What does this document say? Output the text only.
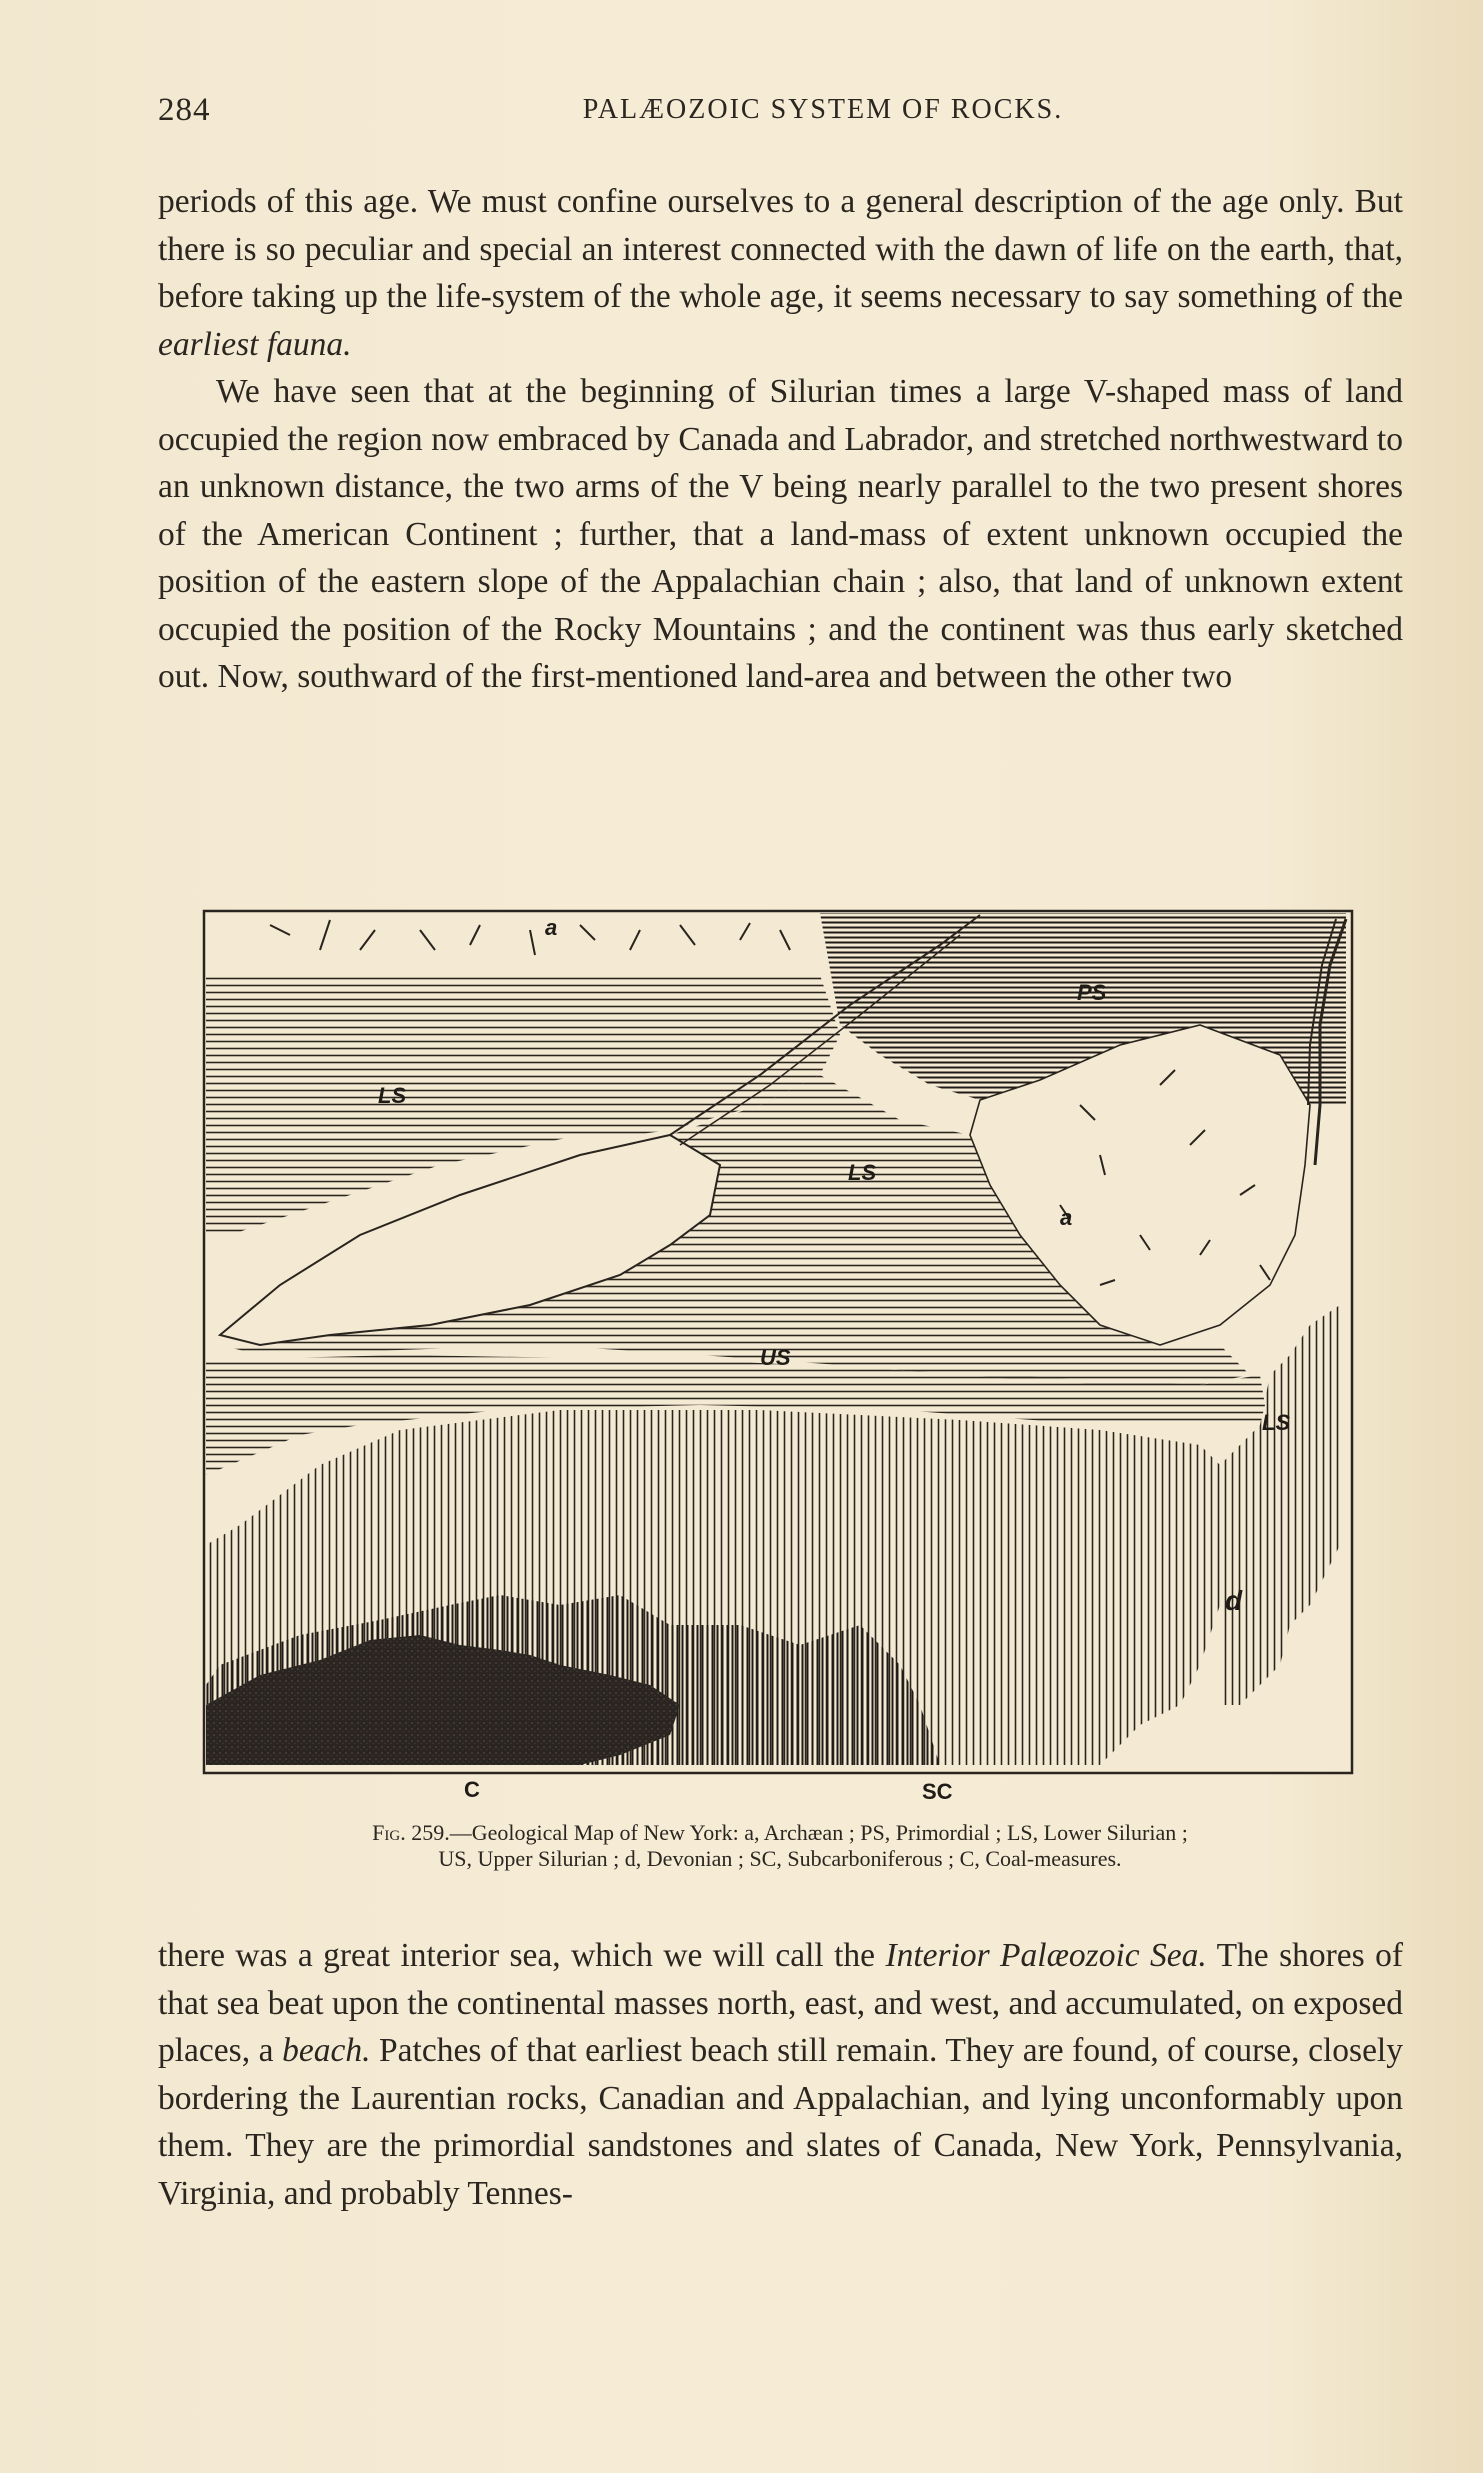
284	PALÆOZOIC SYSTEM OF ROCKS.

periods of this age. We must confine ourselves to a general description of the age only. But there is so peculiar and special an interest connected with the dawn of life on the earth, that, before taking up the life-system of the whole age, it seems necessary to say something of the earliest fauna.

We have seen that at the beginning of Silurian times a large V-shaped mass of land occupied the region now embraced by Canada and Labrador, and stretched northwestward to an unknown distance, the two arms of the V being nearly parallel to the two present shores of the American Continent ; further, that a land-mass of extent unknown occupied the position of the eastern slope of the Appalachian chain ; also, that land of unknown extent occupied the position of the Rocky Mountains ; and the continent was thus early sketched out. Now, southward of the first-mentioned land-area and between the other two

a
PS
LS
LS
a
US
LS
d
C	SC
Fig. 259.—Geological Map of New York: a, Archæan ; PS, Primordial ; LS, Lower Silurian ;
US, Upper Silurian ; d, Devonian ; SC, Subcarboniferous ; C, Coal-measures.

there was a great interior sea, which we will call the Interior Palæozoic Sea. The shores of that sea beat upon the continental masses north, east, and west, and accumulated, on exposed places, a beach. Patches of that earliest beach still remain. They are found, of course, closely bordering the Laurentian rocks, Canadian and Appalachian, and lying unconformably upon them. They are the primordial sandstones and slates of Canada, New York, Pennsylvania, Virginia, and probably Tennes-
